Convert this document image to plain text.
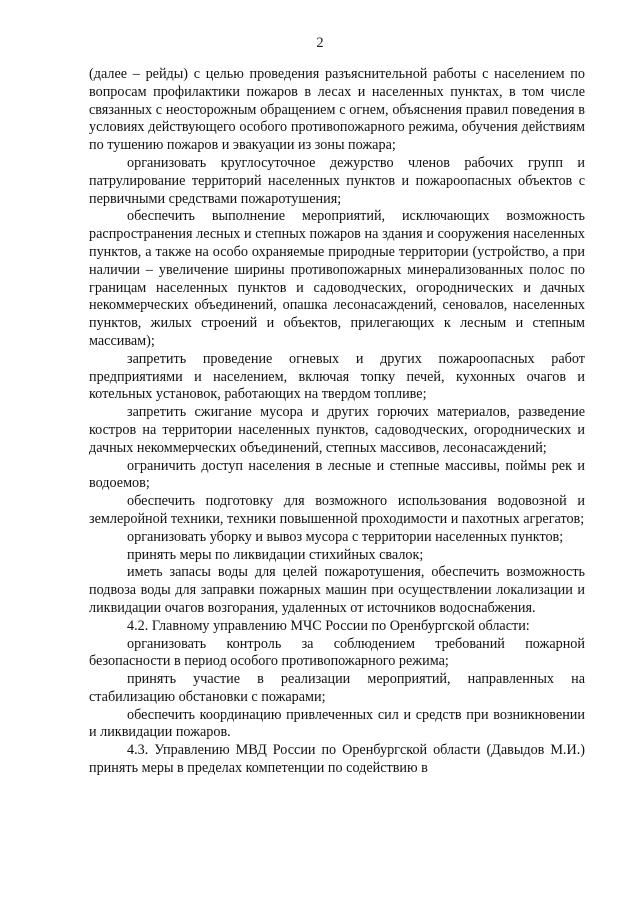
2

(далее – рейды) с целью проведения разъяснительной работы с населением по вопросам профилактики пожаров в лесах и населенных пунктах, в том числе связанных с неосторожным обращением с огнем, объяснения правил поведения в условиях действующего особого противопожарного режима, обучения действиям по тушению пожаров и эвакуации из зоны пожара;

организовать круглосуточное дежурство членов рабочих групп и патрулирование территорий населенных пунктов и пожароопасных объектов с первичными средствами пожаротушения;

обеспечить выполнение мероприятий, исключающих возможность распространения лесных и степных пожаров на здания и сооружения населенных пунктов, а также на особо охраняемые природные территории (устройство, а при наличии – увеличение ширины противопожарных минерализованных полос по границам населенных пунктов и садоводческих, огороднических и дачных некоммерческих объединений, опашка лесонасаждений, сеновалов, населенных пунктов, жилых строений и объектов, прилегающих к лесным и степным массивам);

запретить проведение огневых и других пожароопасных работ предприятиями и населением, включая топку печей, кухонных очагов и котельных установок, работающих на твердом топливе;

запретить сжигание мусора и других горючих материалов, разведение костров на территории населенных пунктов, садоводческих, огороднических и дачных некоммерческих объединений, степных массивов, лесонасаждений;

ограничить доступ населения в лесные и степные массивы, поймы рек и водоемов;

обеспечить подготовку для возможного использования водовозной и землеройной техники, техники повышенной проходимости и пахотных агрегатов;

организовать уборку и вывоз мусора с территории населенных пунктов;

принять меры по ликвидации стихийных свалок;

иметь запасы воды для целей пожаротушения, обеспечить возможность подвоза воды для заправки пожарных машин при осуществлении локализации и ликвидации очагов возгорания, удаленных от источников водоснабжения.

4.2. Главному управлению МЧС России по Оренбургской области:

организовать контроль за соблюдением требований пожарной безопасности в период особого противопожарного режима;

принять участие в реализации мероприятий, направленных на стабилизацию обстановки с пожарами;

обеспечить координацию привлеченных сил и средств при возникновении и ликвидации пожаров.

4.3. Управлению МВД России по Оренбургской области (Давыдов М.И.) принять меры в пределах компетенции по содействию в
